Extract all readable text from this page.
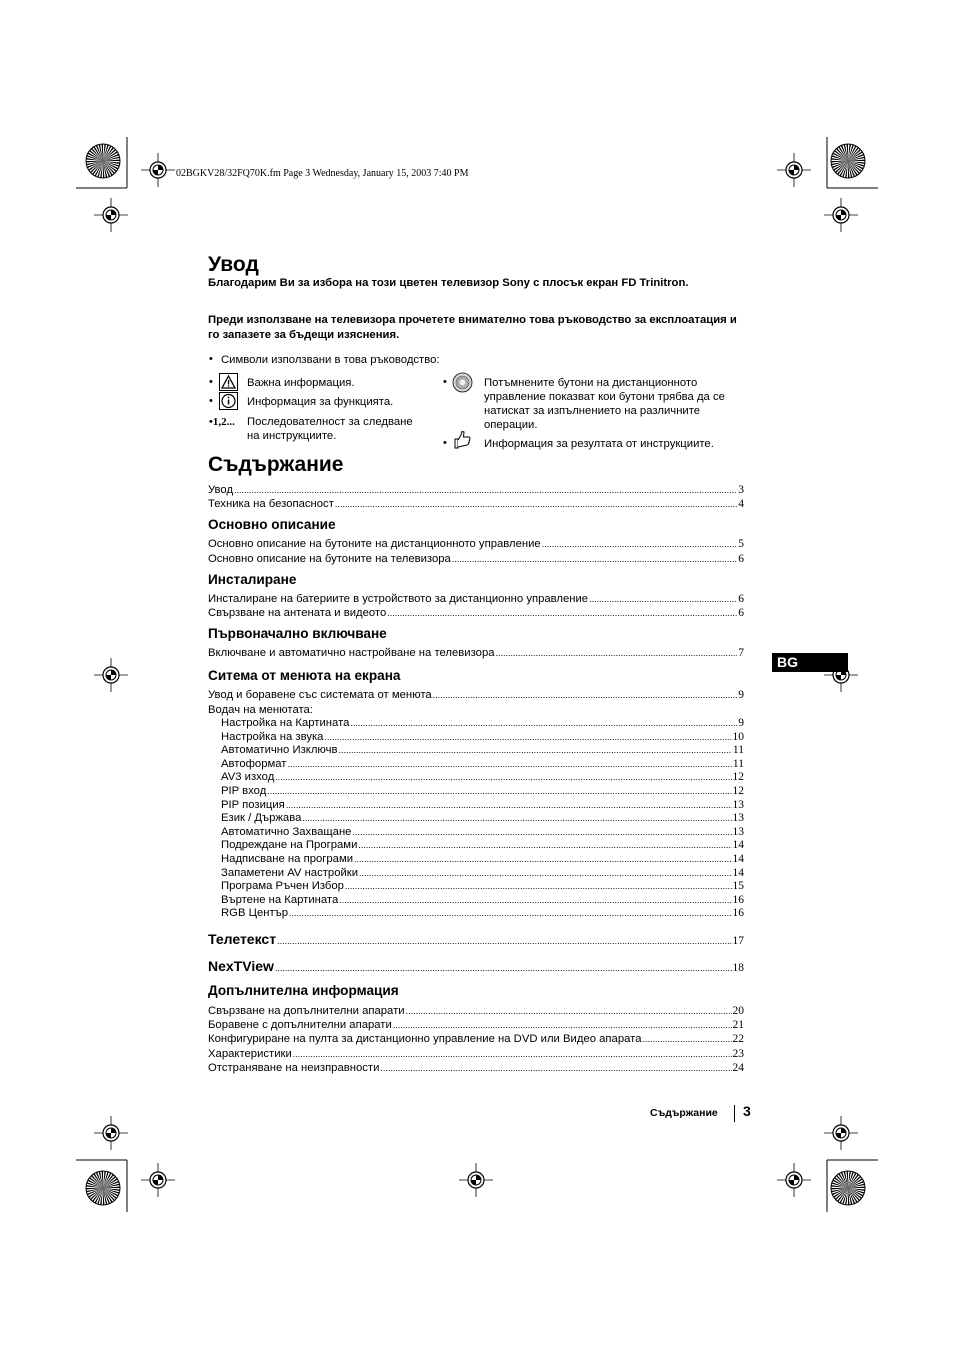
02BGKV28/32FQ70K.fm Page 3 Wednesday, January 15, 2003 7:40 PM
Увод
Благодарим Ви за избора на този цветен телевизор Sony с плосък екран FD Trinitron.
Преди използване на телевизора прочетете внимателно това ръководство за експлоатация и го запазете за бъдещи изяснения.
• Символи използвани в това ръководство:
•	Важна информация.
•	Информация за функцията.
•1,2... Последователност за следване на инструкциите.
•	Потъмнените бутони на дистанционното управление показват кои бутони трябва да се натискат за изпълнението на различните операции.
•	Информация за резултата от инструкциите.
Съдържание
Увод .....	3
Техника на безопасност .....	4
Основно описание
Основно описание на бутоните на дистанционното управление .....	5
Основно описание на бутоните на телевизора .....	6
Инсталиране
Инсталиране на батериите в устройството за дистанционно управление .....	6
Свързване на антената и видеото .....	6
Първоначално включване
Включване и автоматично настройване на телевизора .....	7
Ситема от менюта на екрана
Увод и боравене със системата от менюта .....	9
Водач на менютата:
Настройка на Картината .....	9
Настройка на звука .....	10
Автоматично Изключв .....	11
Автоформат .....	11
AV3 изход .....	12
PIP вход .....	12
PIP позиция .....	13
Език / Държава .....	13
Автоматично Захващане .....	13
Подреждане на Програми .....	14
Надписване на програми .....	14
Запаметени AV настройки .....	14
Програма Ръчен Избор .....	15
Въртене на Картината .....	16
RGB Център .....	16
Телетекст .....	17
NexTView .....	18
Допълнителна информация
Свързване на допълнителни апарати .....	20
Боравене с допълнителни апарати .....	21
Конфигуриране на пулта за дистанционно управление на DVD или Видео апарата .....	22
Характеристики .....	23
Отстраняване на неизправности .....	24
BG
Съдържание 3
